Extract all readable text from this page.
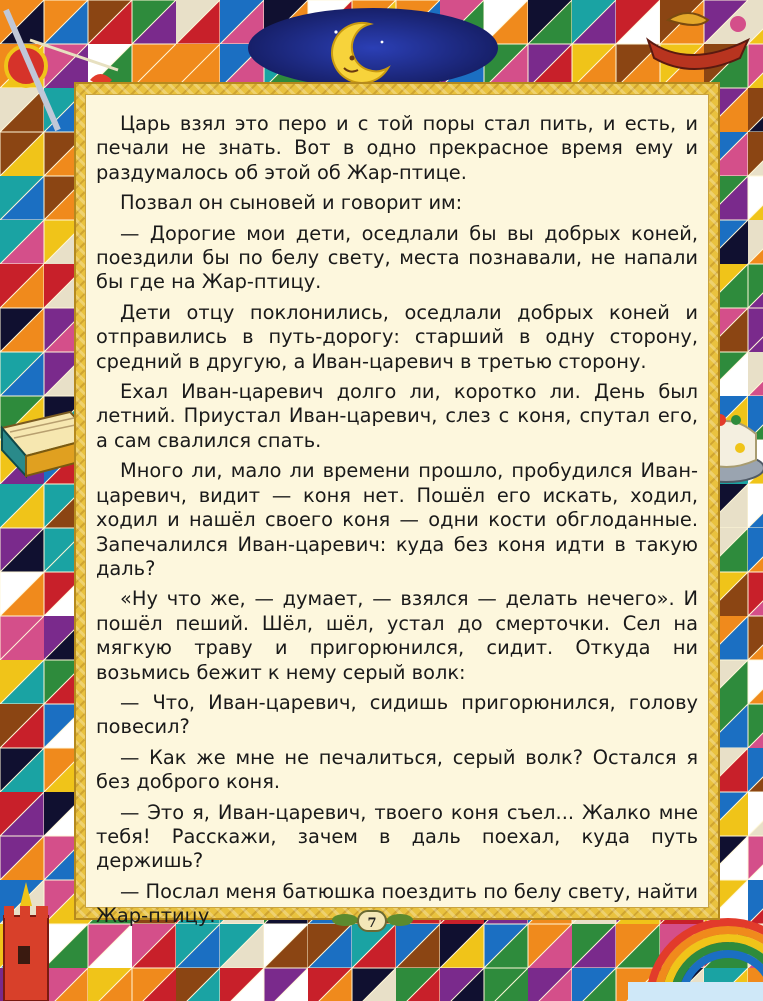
Царь взял это перо и с той поры стал пить, и есть, и печали не знать. Вот в одно прекрасное время ему и раздумалось об этой об Жар-птице.

Позвал он сыновей и говорит им:

— Дорогие мои дети, оседлали бы вы добрых коней, поездили бы по белу свету, места познавали, не напали бы где на Жар-птицу.

Дети отцу поклонились, оседлали добрых коней и отправились в путь-дорогу: старший в одну сторону, средний в другую, а Иван-царевич в третью сторону.

Ехал Иван-царевич долго ли, коротко ли. День был летний. Приустал Иван-царевич, слез с коня, спутал его, а сам свалился спать.

Много ли, мало ли времени прошло, пробудился Иван-царевич, видит — коня нет. Пошёл его искать, ходил, ходил и нашёл своего коня — одни кости обглоданные. Запечалился Иван-царевич: куда без коня идти в такую даль?

«Ну что же, — думает, — взялся — делать нечего». И пошёл пеший. Шёл, шёл, устал до смерточки. Сел на мягкую траву и пригорюнился, сидит. Откуда ни возьмись бежит к нему серый волк:

— Что, Иван-царевич, сидишь пригорюнился, голову повесил?

— Как же мне не печалиться, серый волк? Остался я без доброго коня.

— Это я, Иван-царевич, твоего коня съел... Жалко мне тебя! Расскажи, зачем в даль поехал, куда путь держишь?

— Послал меня батюшка поездить по белу свету, найти Жар-птицу.	7
